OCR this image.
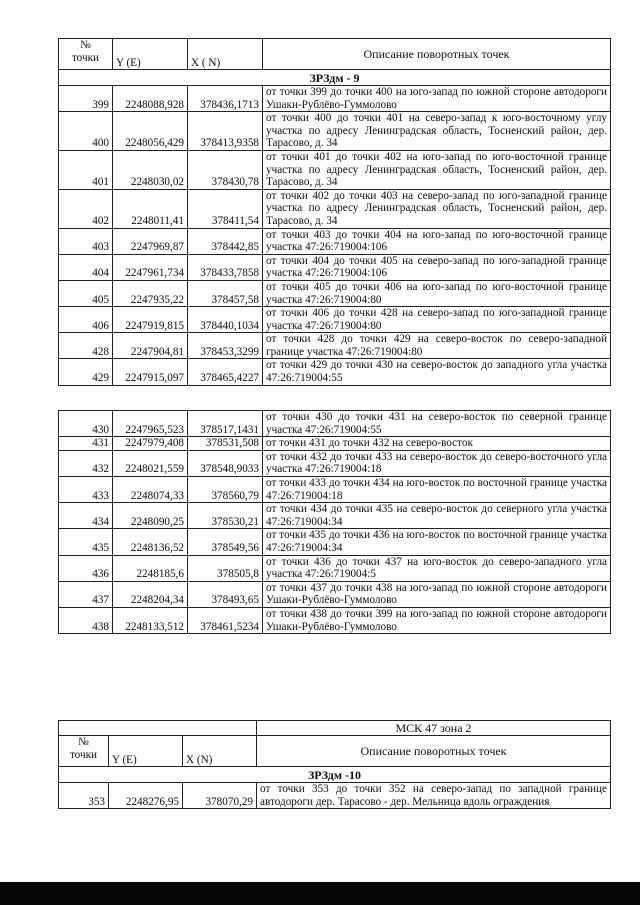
№
точки	Y (E)	X ( N)	Описание поворотных точек
ЗРЗдм - 9			
399	2248088,928	378436,1713	от точки 399 до точки 400 на юго-запад по южной стороне автодороги Ушаки-Рублёво-Гуммолово
400	2248056,429	378413,9358	от точки 400 до точки 401 на северо-запад к юго-восточному углу участка по адресу Ленинградская область, Тосненский район, дер. Тарасово, д. 34
401	2248030,02	378430,78	от точки 401 до точки 402 на юго-запад по юго-восточной границе участка по адресу Ленинградская область, Тосненский район, дер. Тарасово, д. 34
402	2248011,41	378411,54	от точки 402 до точки 403 на северо-запад по юго-западной границе участка по адресу Ленинградская область, Тосненский район, дер. Тарасово, д. 34
403	2247969,87	378442,85	от точки 403 до точки 404 на юго-запад по юго-восточной границе участка 47:26:719004:106
404	2247961,734	378433,7858	от точки 404 до точки 405 на северо-запад по юго-западной границе участка 47:26:719004:106
405	2247935,22	378457,58	от точки 405 до точки 406 на юго-запад по юго-восточной границе участка 47:26:719004:80
406	2247919,815	378440,1034	от точки 406 до точки 428 на северо-запад по юго-западной границе участка 47:26:719004:80
428	2247904,81	378453,3299	от точки 428 до точки 429 на северо-восток по северо-западной границе участка 47:26:719004:80
429	2247915,097	378465,4227	от точки 429 до точки 430 на северо-восток до западного угла участка 47:26:719004:55
430	2247965,523	378517,1431	от точки 430 до точки 431 на северо-восток по северной границе участка 47:26:719004:55
431	2247979,408	378531,508	от точки 431 до точки 432 на северо-восток
432	2248021,559	378548,9033	от точки 432 до точки 433 на северо-восток до северо-восточного угла участка 47:26:719004:18
433	2248074,33	378560,79	от точки 433 до точки 434 на юго-восток по восточной границе участка 47:26:719004:18
434	2248090,25	378530,21	от точки 434 до точки 435 на северо-восток до северного угла участка 47:26:719004:34
435	2248136,52	378549,56	от точки 435 до точки 436 на юго-восток по восточной границе участка 47:26:719004:34
436	2248185,6	378505,8	от точки 436 до точки 437 на юго-восток до северо-западного угла участка 47:26:719004:5
437	2248204,34	378493,65	от точки 437 до точки 438 на юго-запад по южной стороне автодороги Ушаки-Рублёво-Гуммолово
438	2248133,512	378461,5234	от точки 438 до точки 399 на юго-запад по южной стороне автодороги Ушаки-Рублёво-Гуммолово
			МСК 47 зона 2
№
точки	Y (E)	X (N)	Описание поворотных точек
ЗРЗдм -10			
353	2248276,95	378070,29	от точки 353 до точки 352 на северо-запад по западной границе автодороги дер. Тарасово - дер. Мельница вдоль ограждения
